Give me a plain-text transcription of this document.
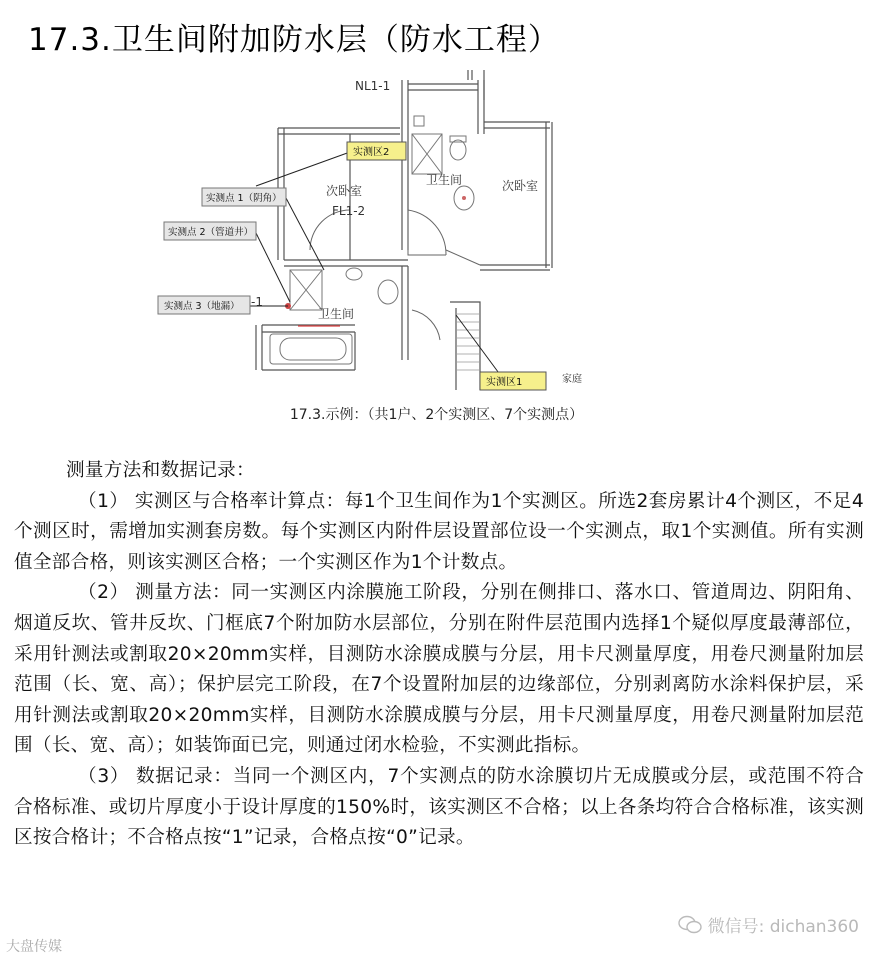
17.3.卫生间附加防水层（防水工程）
NL1-1
次卧室
FL1-2
卫生间	次卧室
卫生间
-1
家庭
实测区2
实测点 1（阴角）
实测点 2（管道井）
实测点 3（地漏）
实测区1
17.3.示例：（共1户、2个实测区、7个实测点）

测量方法和数据记录：

（1） 实测区与合格率计算点：每1个卫生间作为1个实测区。所选2套房累计4个测区，不足4个测区时，需增加实测套房数。每个实测区内附件层设置部位设一个实测点，取1个实测值。所有实测值全部合格，则该实测区合格；一个实测区作为1个计数点。

（2） 测量方法：同一实测区内涂膜施工阶段，分别在侧排口、落水口、管道周边、阴阳角、烟道反坎、管井反坎、门框底7个附加防水层部位，分别在附件层范围内选择1个疑似厚度最薄部位，采用针测法或割取20×20mm实样，目测防水涂膜成膜与分层，用卡尺测量厚度，用卷尺测量附加层范围（长、宽、高）；保护层完工阶段，在7个设置附加层的边缘部位，分别剥离防水涂料保护层，采用针测法或割取20×20mm实样，目测防水涂膜成膜与分层，用卡尺测量厚度，用卷尺测量附加层范围（长、宽、高）；如装饰面已完，则通过闭水检验，不实测此指标。

（3） 数据记录：当同一个测区内，7个实测点的防水涂膜切片无成膜或分层，或范围不符合合格标准、或切片厚度小于设计厚度的150%时，该实测区不合格；以上各条均符合合格标准，该实测区按合格计；不合格点按“1”记录，合格点按“0”记录。

大盘传媒
微信号: dichan360
